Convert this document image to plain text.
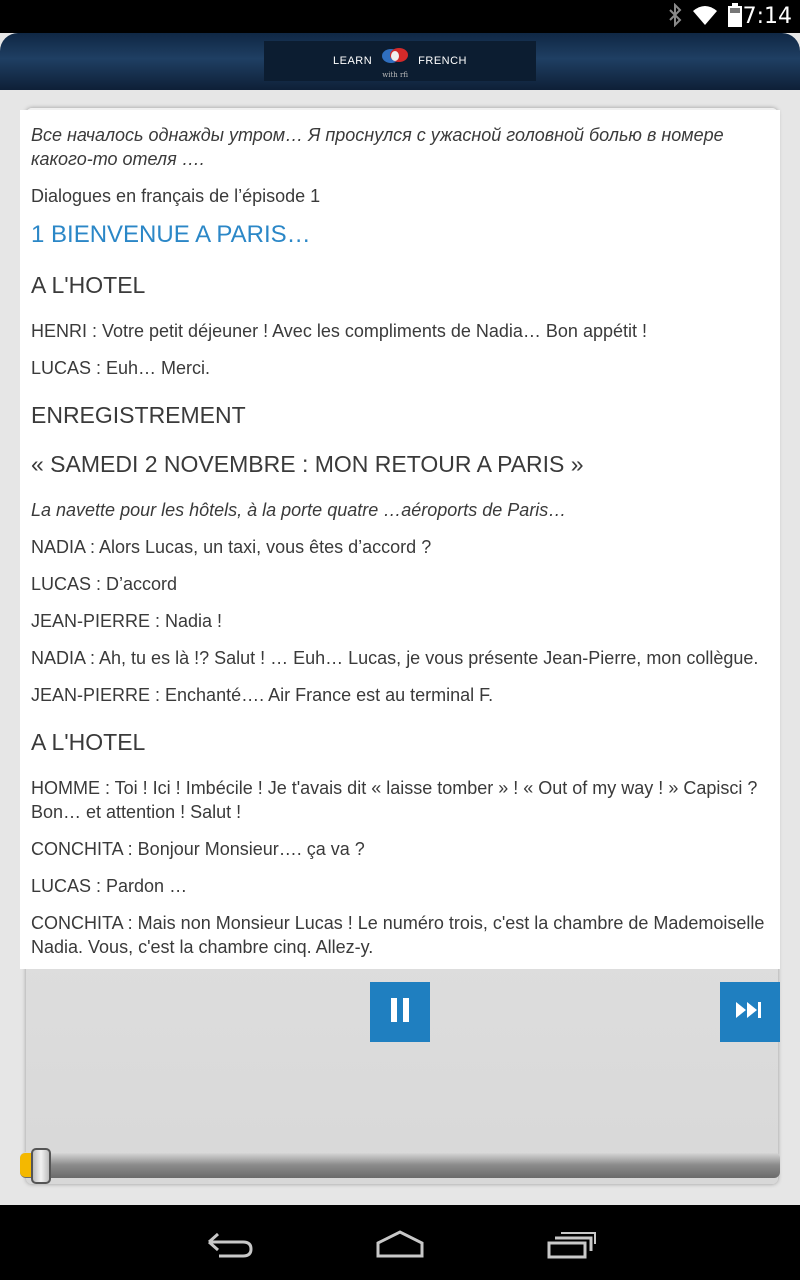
7:14
LEARN
with rfi
FRENCH

Все началось однажды утром… Я проснулся с ужасной головной болью в номере какого-то отеля ….

Dialogues en français de l’épisode 1

1 BIENVENUE A PARIS…

A L'HOTEL

HENRI : Votre petit déjeuner ! Avec les compliments de Nadia… Bon appétit !

LUCAS : Euh… Merci.

ENREGISTREMENT

« SAMEDI 2 NOVEMBRE : MON RETOUR A PARIS »

La navette pour les hôtels, à la porte quatre …aéroports de Paris…

NADIA : Alors Lucas, un taxi, vous êtes d’accord ?

LUCAS : D’accord

JEAN-PIERRE : Nadia !

NADIA : Ah, tu es là !? Salut ! … Euh… Lucas, je vous présente Jean-Pierre, mon collègue.

JEAN-PIERRE : Enchanté…. Air France est au terminal F.

A L'HOTEL

HOMME : Toi ! Ici ! Imbécile ! Je t'avais dit « laisse tomber » ! « Out of my way ! » Capisci ? Bon… et attention ! Salut !

CONCHITA : Bonjour Monsieur…. ça va ?

LUCAS : Pardon …

CONCHITA : Mais non Monsieur Lucas ! Le numéro trois, c'est la chambre de Mademoiselle Nadia. Vous, c'est la chambre cinq. Allez-y.
